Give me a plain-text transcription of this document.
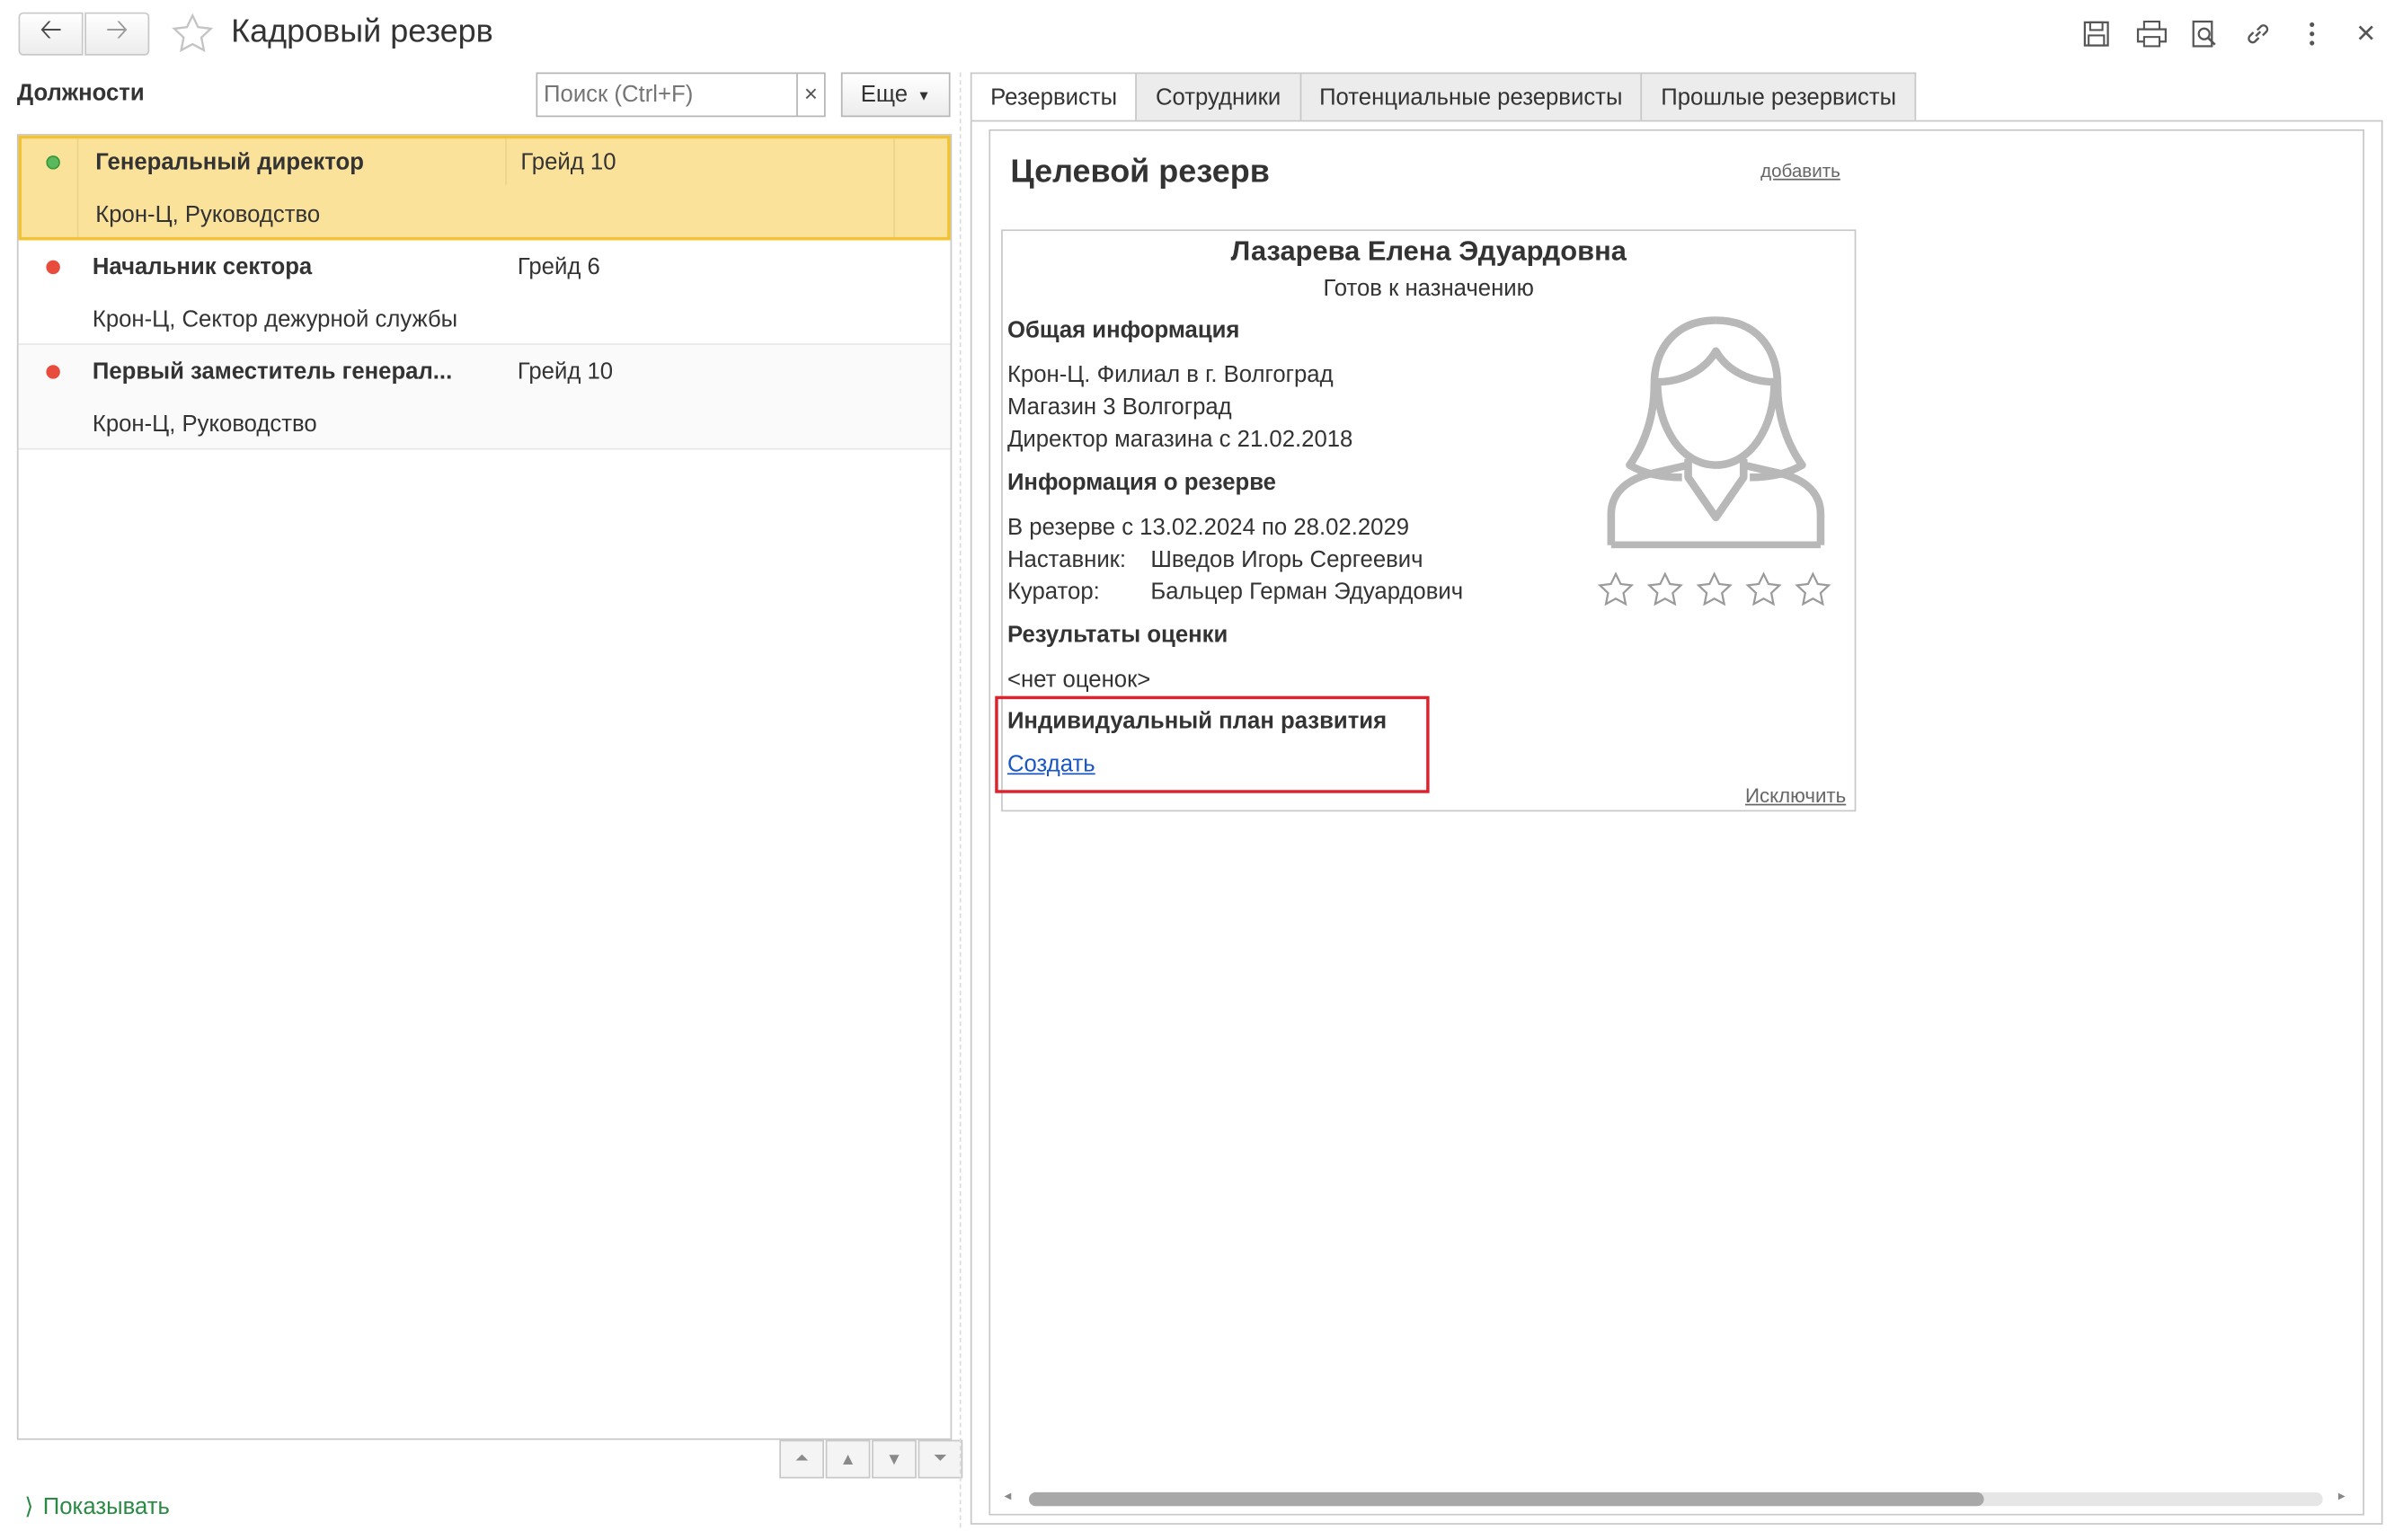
🡠	🡢	Кадровый резерв	✕
Должности
Поиск (Ctrl+F)	×	Еще ▼
Генеральный директор	Грейд 10
Крон-Ц, Руководство
Начальник сектора	Грейд 6
Крон-Ц, Сектор дежурной службы
Первый заместитель генерал...	Грейд 10
Крон-Ц, Руководство
⏶	▲	▼	⏷
⟩ Показывать
Резервисты	Сотрудники	Потенциальные резервисты	Прошлые резервисты
Целевой резерв	добавить
Лазарева Елена Эдуардовна
Готов к назначению
Общая информация
Крон-Ц. Филиал в г. Волгоград
Магазин 3 Волгоград
Директор магазина с 21.02.2018
Информация о резерве
В резерве с 13.02.2024 по 28.02.2029
Наставник: Шведов Игорь Сергеевич
Куратор:	Бальцер Герман Эдуардович
Результаты оценки
<нет оценок>
Индивидуальный план развития
Создать
Исключить
◂	▸
